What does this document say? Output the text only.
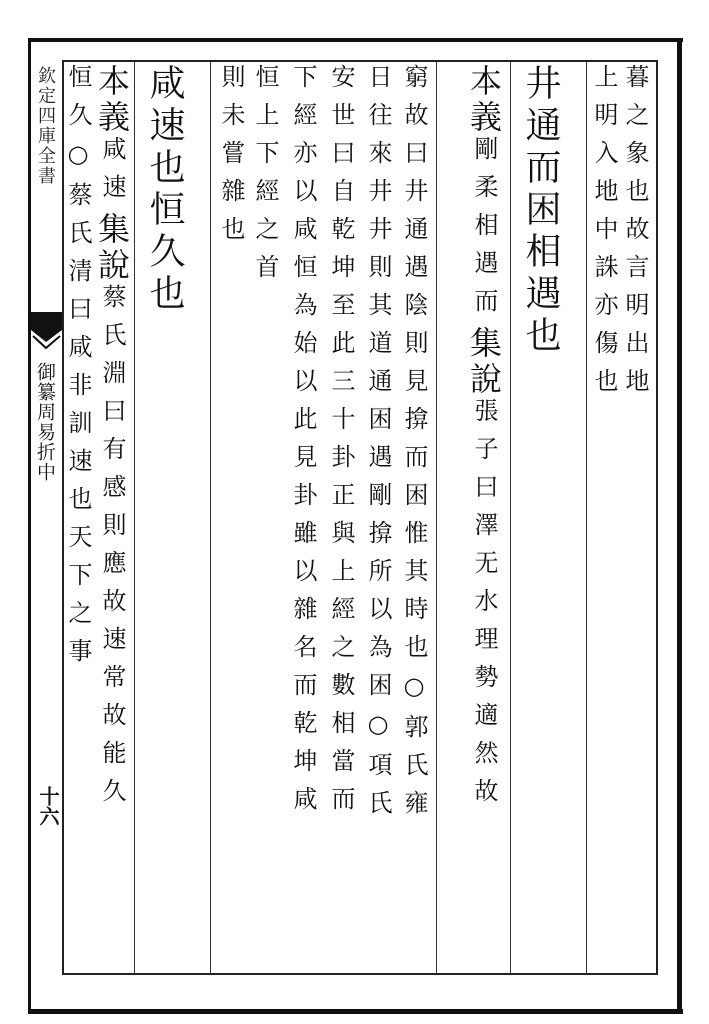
欽定四庫全書
御纂周易折中
十六
暮之象也故言明出地
上明入地中誅亦傷也
井通而困相遇也
本義剛柔相遇而集說張子曰澤无水理勢適然故
窮故曰井通遇陰則見揜而困惟其時也○郭氏雍
日往來井井則其道通困遇剛揜所以為困○項氏
安世曰自乾坤至此三十卦正與上經之數相當而
下經亦以咸恒為始以此見卦雖以雜名而乾坤咸
恒上下經之首
則未嘗雜也
咸速也恒久也
本義咸速集說蔡氏淵曰有感則應故速常故能久
恒久○蔡氏清曰咸非訓速也天下之事
